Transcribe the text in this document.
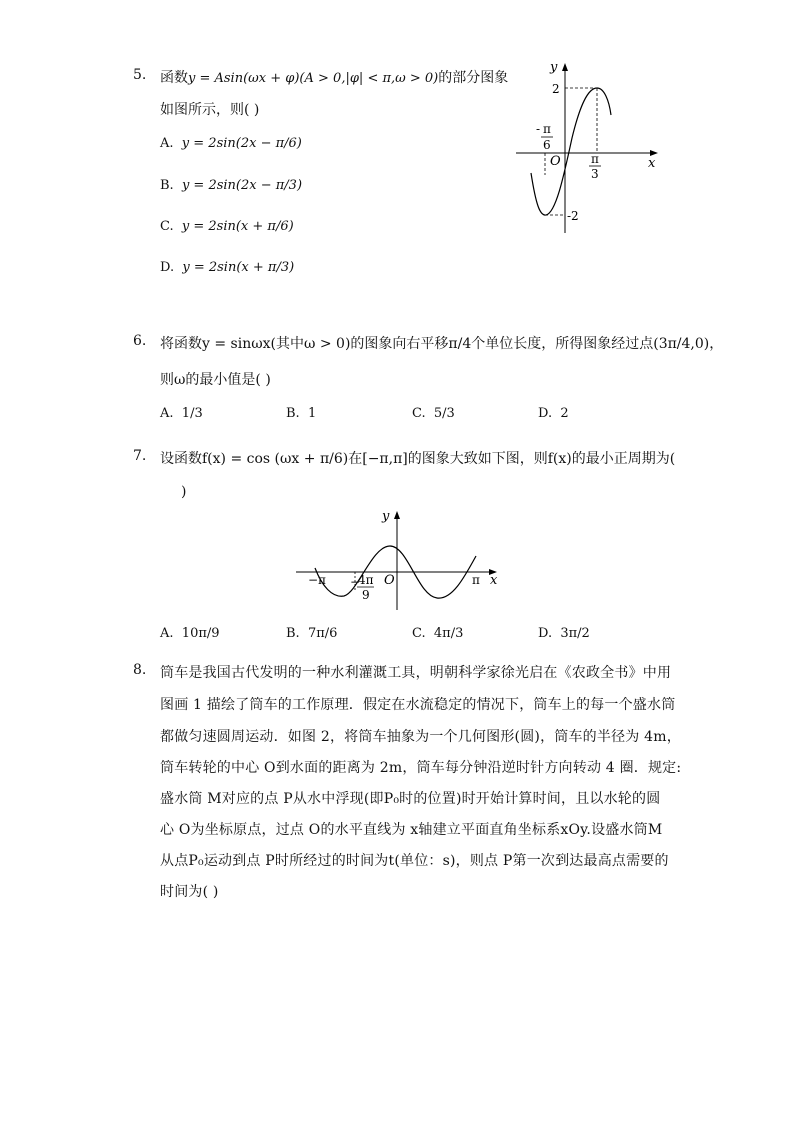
5. 函数y = Asin(ωx + φ)(A > 0,|φ| < π,ω > 0)的部分图象
如图所示，则( )
A. y = 2sin(2x − π/6)
B. y = 2sin(2x − π/3)
C. y = 2sin(x + π/6)
D. y = 2sin(x + π/3)
y
x
O
2
-2
- π
6
π
3
6. 将函数y = sinωx(其中ω > 0)的图象向右平移π/4个单位长度，所得图象经过点(3π/4,0)，
则ω的最小值是( )
A. 1/3	B. 1	C. 5/3	D. 2
7. 设函数f(x) = cos (ωx + π/6)在[−π,π]的图象大致如下图，则f(x)的最小正周期为(
)
y
x
O
−π	π
−
4π
9
A. 10π/9	B. 7π/6	C. 4π/3	D. 3π/2
8. 筒车是我国古代发明的一种水利灌溉工具，明朝科学家徐光启在《农政全书》中用
图画 1 描绘了筒车的工作原理．假定在水流稳定的情况下，筒车上的每一个盛水筒
都做匀速圆周运动．如图 2，将筒车抽象为一个几何图形(圆)，筒车的半径为 4m，
筒车转轮的中心 O到水面的距离为 2m，筒车每分钟沿逆时针方向转动 4 圈．规定:
盛水筒 M对应的点 P从水中浮现(即P₀时的位置)时开始计算时间，且以水轮的圆
心 O为坐标原点，过点 O的水平直线为 x轴建立平面直角坐标系xOy.设盛水筒M
从点P₀运动到点 P时所经过的时间为t(单位：s)，则点 P第一次到达最高点需要的
时间为( )
